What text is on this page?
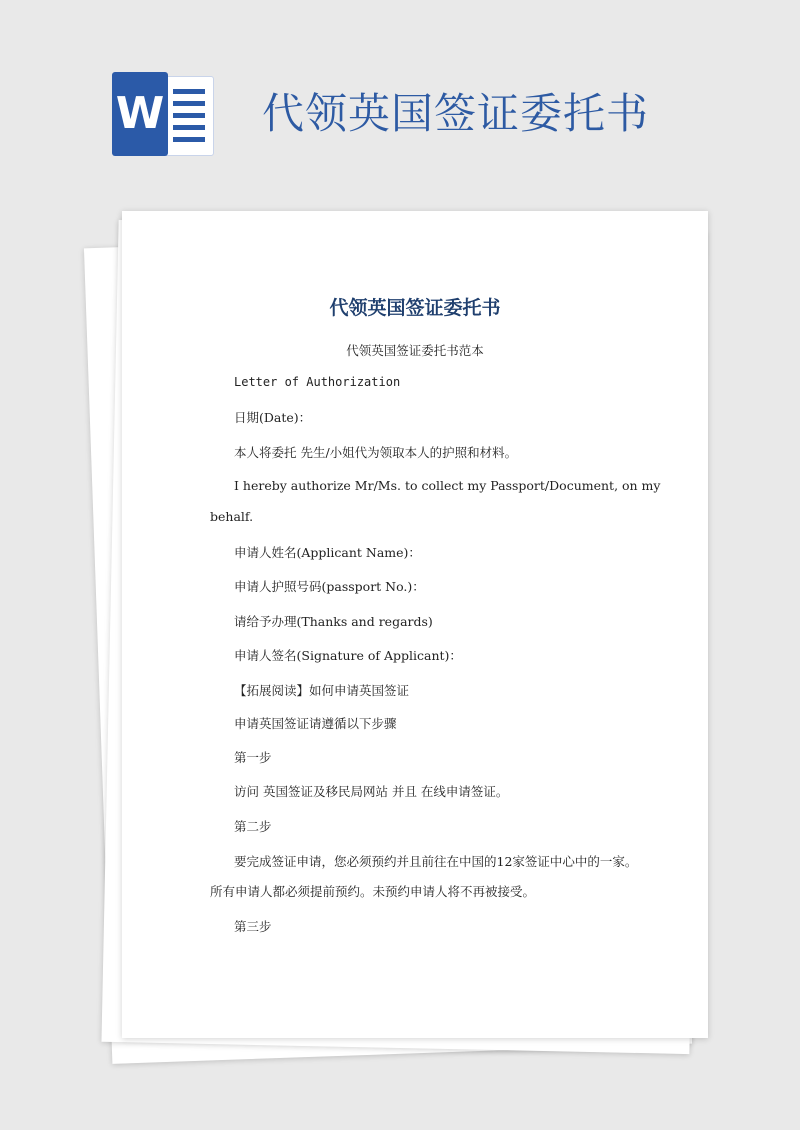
W 代领英国签证委托书
代领英国签证委托书
代领英国签证委托书范本
Letter of Authorization
日期(Date)：
本人将委托 先生/小姐代为领取本人的护照和材料。
I hereby authorize Mr/Ms. to collect my Passport/Document, on my
behalf.
申请人姓名(Applicant Name)：
申请人护照号码(passport No.)：
请给予办理(Thanks and regards)
申请人签名(Signature of Applicant)：
【拓展阅读】如何申请英国签证
申请英国签证请遵循以下步骤
第一步
访问 英国签证及移民局网站 并且 在线申请签证。
第二步
要完成签证申请，您必须预约并且前往在中国的12家签证中心中的一家。
所有申请人都必须提前预约。未预约申请人将不再被接受。
第三步
